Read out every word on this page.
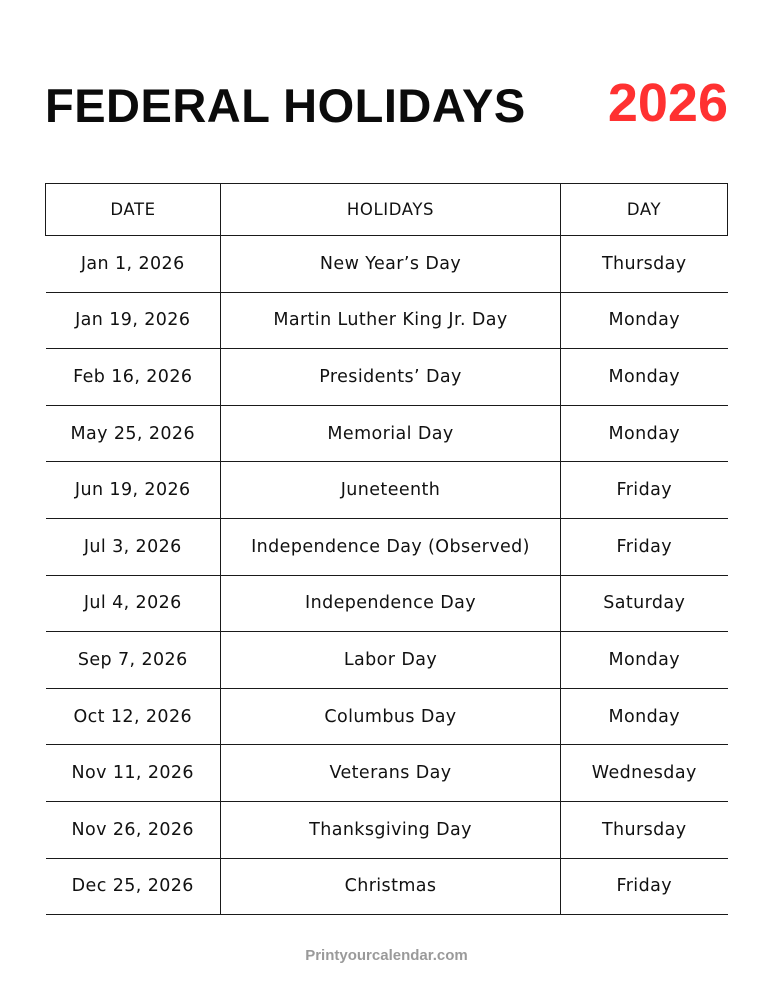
FEDERAL HOLIDAYS 2026
DATE	HOLIDAYS	DAY
Jan 1, 2026	New Year’s Day	Thursday
Jan 19, 2026	Martin Luther King Jr. Day	Monday
Feb 16, 2026	Presidents’ Day	Monday
May 25, 2026	Memorial Day	Monday
Jun 19, 2026	Juneteenth	Friday
Jul 3, 2026	Independence Day (Observed)	Friday
Jul 4, 2026	Independence Day	Saturday
Sep 7, 2026	Labor Day	Monday
Oct 12, 2026	Columbus Day	Monday
Nov 11, 2026	Veterans Day	Wednesday
Nov 26, 2026	Thanksgiving Day	Thursday
Dec 25, 2026	Christmas	Friday
Printyourcalendar.com
